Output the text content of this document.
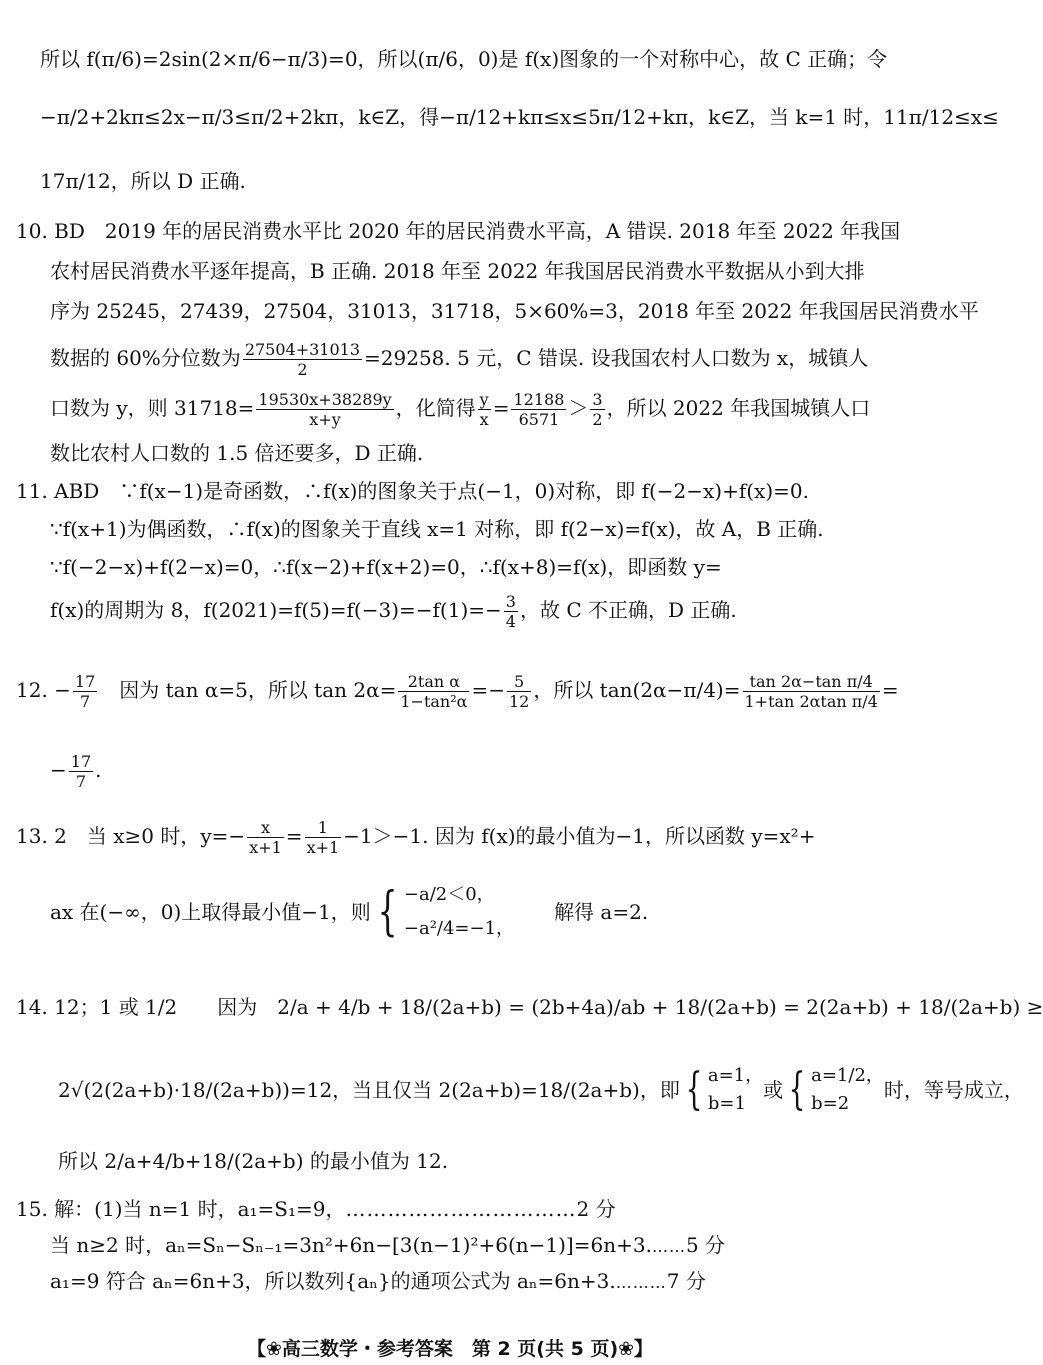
所以 f(π/6)=2sin(2×π/6−π/3)=0，所以(π/6，0)是 f(x)图象的一个对称中心，故 C 正确；令
−π/2+2kπ≤2x−π/3≤π/2+2kπ，k∈Z，得−π/12+kπ≤x≤5π/12+kπ，k∈Z，当 k=1 时，11π/12≤x≤
17π/12，所以 D 正确.
10. BD　2019 年的居民消费水平比 2020 年的居民消费水平高，A 错误. 2018 年至 2022 年我国
农村居民消费水平逐年提高，B 正确. 2018 年至 2022 年我国居民消费水平数据从小到大排
序为 25245，27439，27504，31013，31718，5×60%=3，2018 年至 2022 年我国居民消费水平
数据的 60%分位数为 $\frac{27504+31013}{2} =29258$. 5 元，C 错误. 设我国农村人口数为 x，城镇人
口数为 y，则 $31718= \frac{19530x+38289y}{x+y}$ ，化简得 $\frac{y}{x} = \frac{12188}{6571} > \frac{3}{2}$ ，所以 2022 年我国城镇人口
数比农村人口数的 1.5 倍还要多，D 正确.
11. ABD　∵f(x−1)是奇函数，∴f(x)的图象关于点(−1，0)对称，即 f(−2−x)+f(x)=0.
∵f(x+1)为偶函数，∴f(x)的图象关于直线 x=1 对称，即 f(2−x)=f(x)，故 A，B 正确.
∵f(−2−x)+f(2−x)=0，∴f(x−2)+f(x+2)=0，∴f(x+8)=f(x)，即函数 y=
f(x)的周期为 8，$f(2021)=f(5)=f(-3)=-f(1)=- \frac{3}{4}$ ，故 C 不正确，D 正确.
12. − $\frac{17}{7}$ 　因为 tan α=5，所以 $\tan 2\alpha= \frac{\text{2tan α}}{\text{1−tan²α}} =- \frac{5}{12}$ ，所以 $\tan(2\alpha-\pi/4)= \frac{\text{tan 2α−tan π/4}}{\text{1+tan 2αtan π/4}}$ =
− $\frac{17}{7}$ .
13. 2　当 x≥0 时，$y=- \frac{x}{x+1} = \frac{1}{x+1} -1>-1$. 因为 f(x)的最小值为−1，所以函数 y=x²+
ax 在(−∞，0)上取得最小值−1，则 { −a/2＜0，
−a²/4=−1，
　　解得 a=2.
14. 12；1 或 1/2　　因为　 2/a + 4/b + 18/(2a+b) = (2b+4a)/ab + 18/(2a+b) = 2(2a+b) + 18/(2a+b) ≥
2√(2(2a+b)·18/(2a+b))=12，当且仅当 2(2a+b)=18/(2a+b)，即 { a=1，
b=1
或 { a=1/2，
b=2
时，等号成立，
所以 2/a+4/b+18/(2a+b) 的最小值为 12.
15. 解：(1)当 n=1 时，a₁=S₁=9，……………………………2 分
当 n≥2 时，aₙ=Sₙ−Sₙ₋₁=3n²+6n−[3(n−1)²+6(n−1)]=6n+3.……5 分
a₁=9 符合 aₙ=6n+3，所以数列{aₙ}的通项公式为 aₙ=6n+3.………7 分
【❀高三数学・参考答案　第 2 页(共 5 页)❀】
